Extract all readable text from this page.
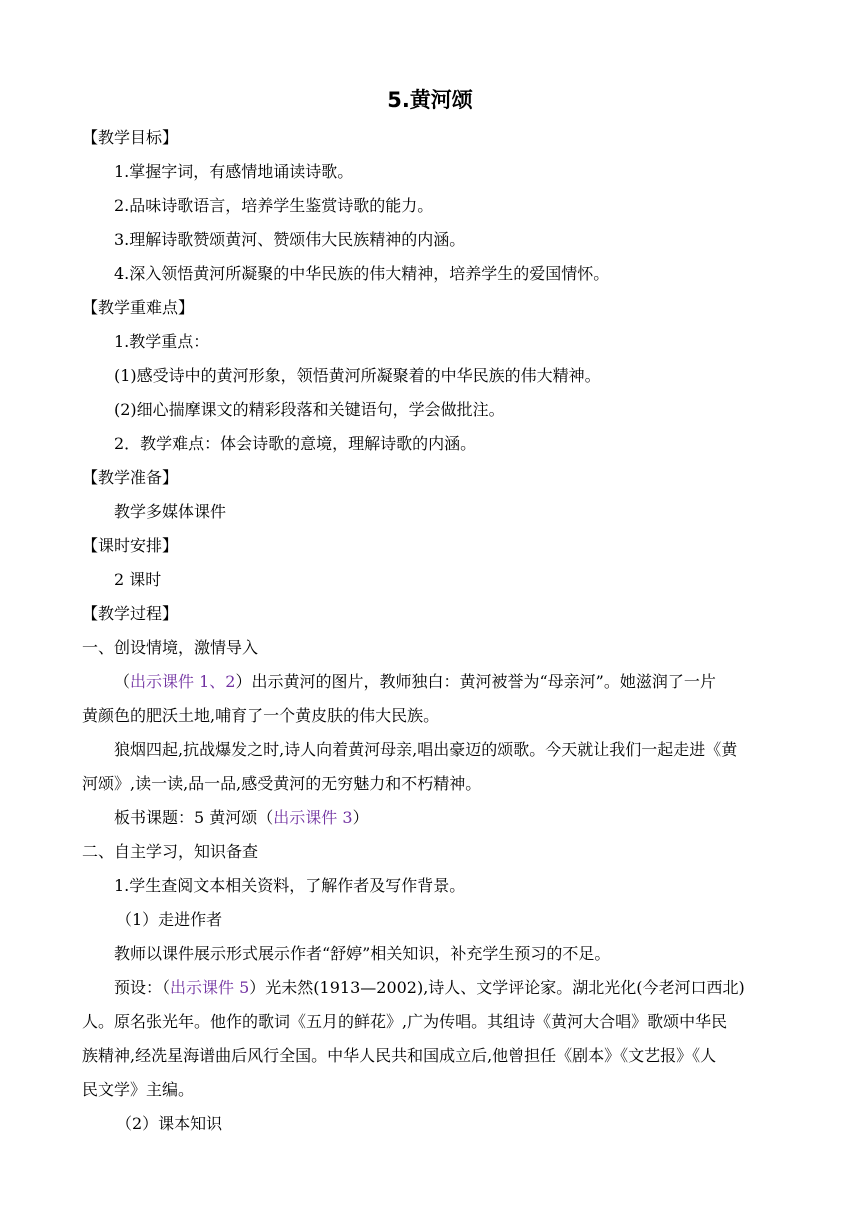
5.黄河颂
【教学目标】
1.掌握字词，有感情地诵读诗歌。
2.品味诗歌语言，培养学生鉴赏诗歌的能力。
3.理解诗歌赞颂黄河、赞颂伟大民族精神的内涵。
4.深入领悟黄河所凝聚的中华民族的伟大精神，培养学生的爱国情怀。
【教学重难点】
1.教学重点：
(1)感受诗中的黄河形象，领悟黄河所凝聚着的中华民族的伟大精神。
(2)细心揣摩课文的精彩段落和关键语句，学会做批注。
2．教学难点：体会诗歌的意境，理解诗歌的内涵。
【教学准备】
教学多媒体课件
【课时安排】
2 课时
【教学过程】
一、创设情境，激情导入
（出示课件 1、2）出示黄河的图片，教师独白：黄河被誉为“母亲河”。她滋润了一片
黄颜色的肥沃土地,哺育了一个黄皮肤的伟大民族。
狼烟四起,抗战爆发之时,诗人向着黄河母亲,唱出豪迈的颂歌。今天就让我们一起走进《黄
河颂》,读一读,品一品,感受黄河的无穷魅力和不朽精神。
板书课题：5 黄河颂（出示课件 3）
二、自主学习，知识备查
1.学生查阅文本相关资料，了解作者及写作背景。
（1）走进作者
教师以课件展示形式展示作者“舒婷”相关知识，补充学生预习的不足。
预设：（出示课件 5）光未然(1913—2002),诗人、文学评论家。湖北光化(今老河口西北)
人。原名张光年。他作的歌词《五月的鲜花》,广为传唱。其组诗《黄河大合唱》歌颂中华民
族精神,经冼星海谱曲后风行全国。中华人民共和国成立后,他曾担任《剧本》《文艺报》《人
民文学》主编。
（2）课本知识
